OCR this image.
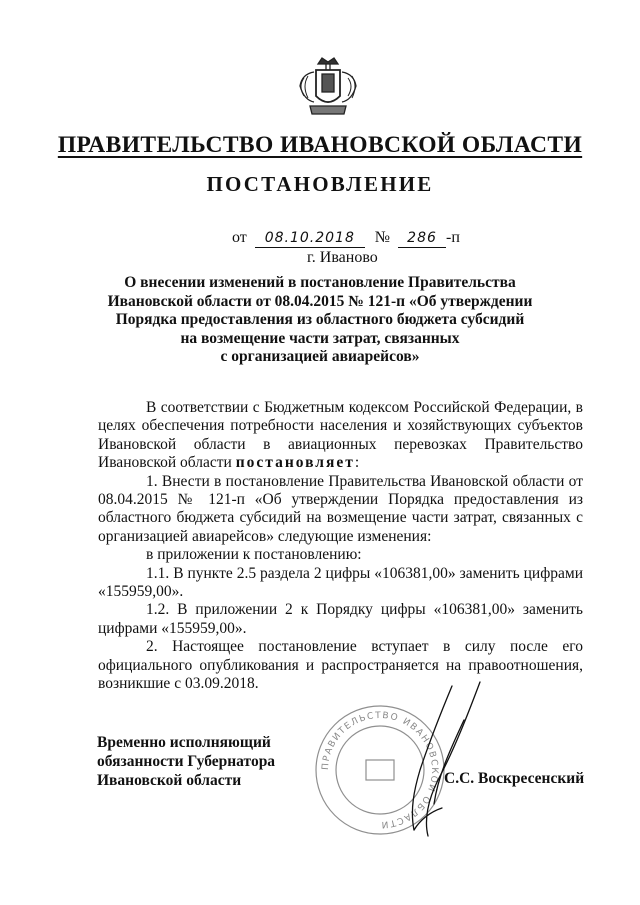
ПРАВИТЕЛЬСТВО ИВАНОВСКОЙ ОБЛАСТИ
ПОСТАНОВЛЕНИЕ
от 08.10.2018 № 286 -п
г. Иваново
О внесении изменений в постановление Правительства
Ивановской области от 08.04.2015 № 121-п «Об утверждении
Порядка предоставления из областного бюджета субсидий
на возмещение части затрат, связанных
с организацией авиарейсов»
В соответствии с Бюджетным кодексом Российской Федерации, в
целях обеспечения потребности населения и хозяйствующих субъектов
Ивановской области в авиационных перевозках Правительство
Ивановской области постановляет:
1. Внести в постановление Правительства Ивановской области от
08.04.2015 № 121-п «Об утверждении Порядка предоставления из
областного бюджета субсидий на возмещение части затрат, связанных с
организацией авиарейсов» следующие изменения:
в приложении к постановлению:
1.1. В пункте 2.5 раздела 2 цифры «106381,00» заменить цифрами
«155959,00».
1.2. В приложении 2 к Порядку цифры «106381,00» заменить
цифрами «155959,00».
2. Настоящее постановление вступает в силу после его
официального опубликования и распространяется на правоотношения,
возникшие с 03.09.2018.
ПРАВИТЕЛЬСТВО ИВАНОВСКОЙ ОБЛАСТИ
Временно исполняющий
обязанности Губернатора
Ивановской области	С.С. Воскресенский
